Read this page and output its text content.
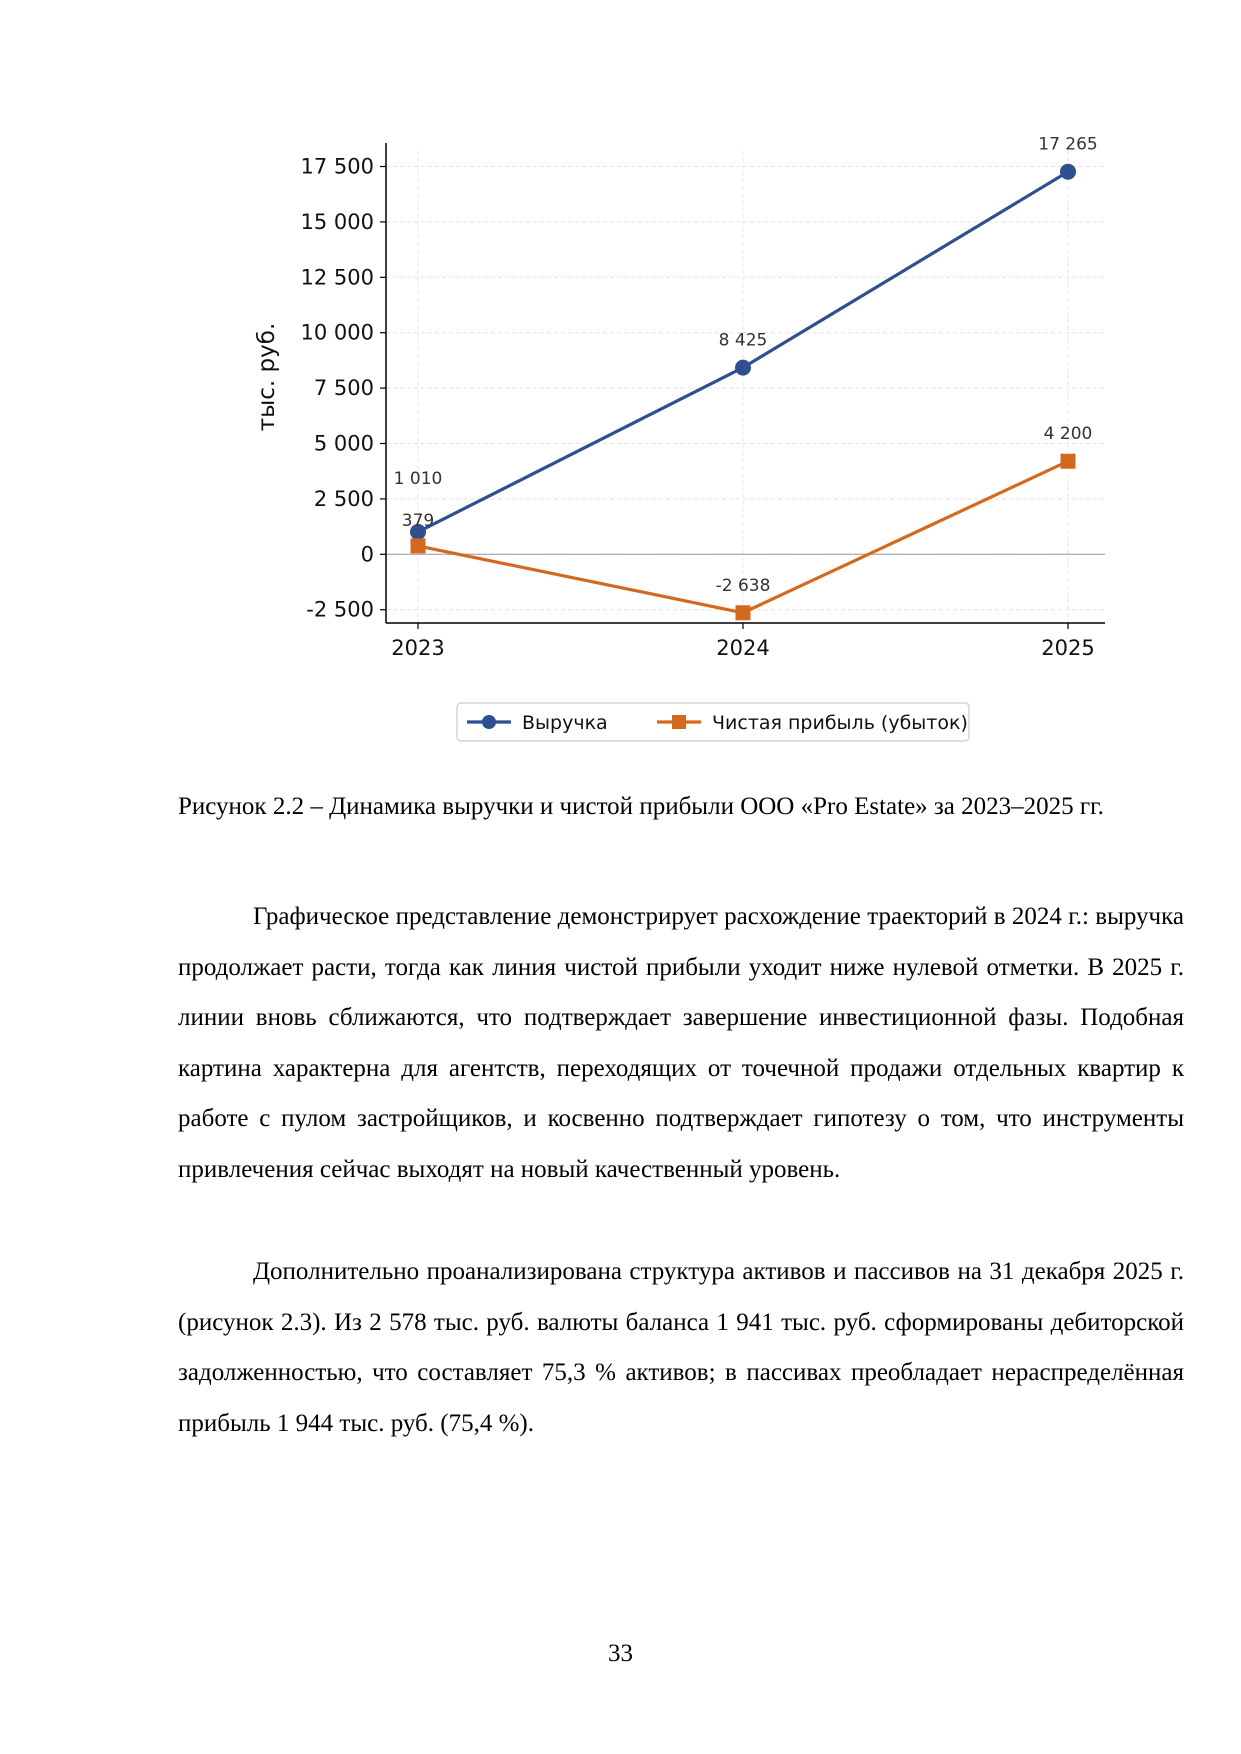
-2 500
0
2 500
5 000
7 500
10 000
12 500
15 000
17 500
2023	2024	2025
тыс. руб.
1 010
8 425
17 265
379
-2 638
4 200
Выручка	Чистая прибыль (убыток)

Рисунок 2.2 – Динамика выручки и чистой прибыли ООО «Pro Estate» за 2023–2025 гг.

Графическое представление демонстрирует расхождение траекторий в 2024 г.: выручка продолжает расти, тогда как линия чистой прибыли уходит ниже нулевой отметки. В 2025 г. линии вновь сближаются, что подтверждает завершение инвестиционной фазы. Подобная картина характерна для агентств, переходящих от точечной продажи отдельных квартир к работе с пулом застройщиков, и косвенно подтверждает гипотезу о том, что инструменты привлечения сейчас выходят на новый качественный уровень.

Дополнительно проанализирована структура активов и пассивов на 31 декабря 2025 г. (рисунок 2.3). Из 2 578 тыс. руб. валюты баланса 1 941 тыс. руб. сформированы дебиторской задолженностью, что составляет 75,3 % активов; в пассивах преобладает нераспределённая прибыль 1 944 тыс. руб. (75,4 %).

33
